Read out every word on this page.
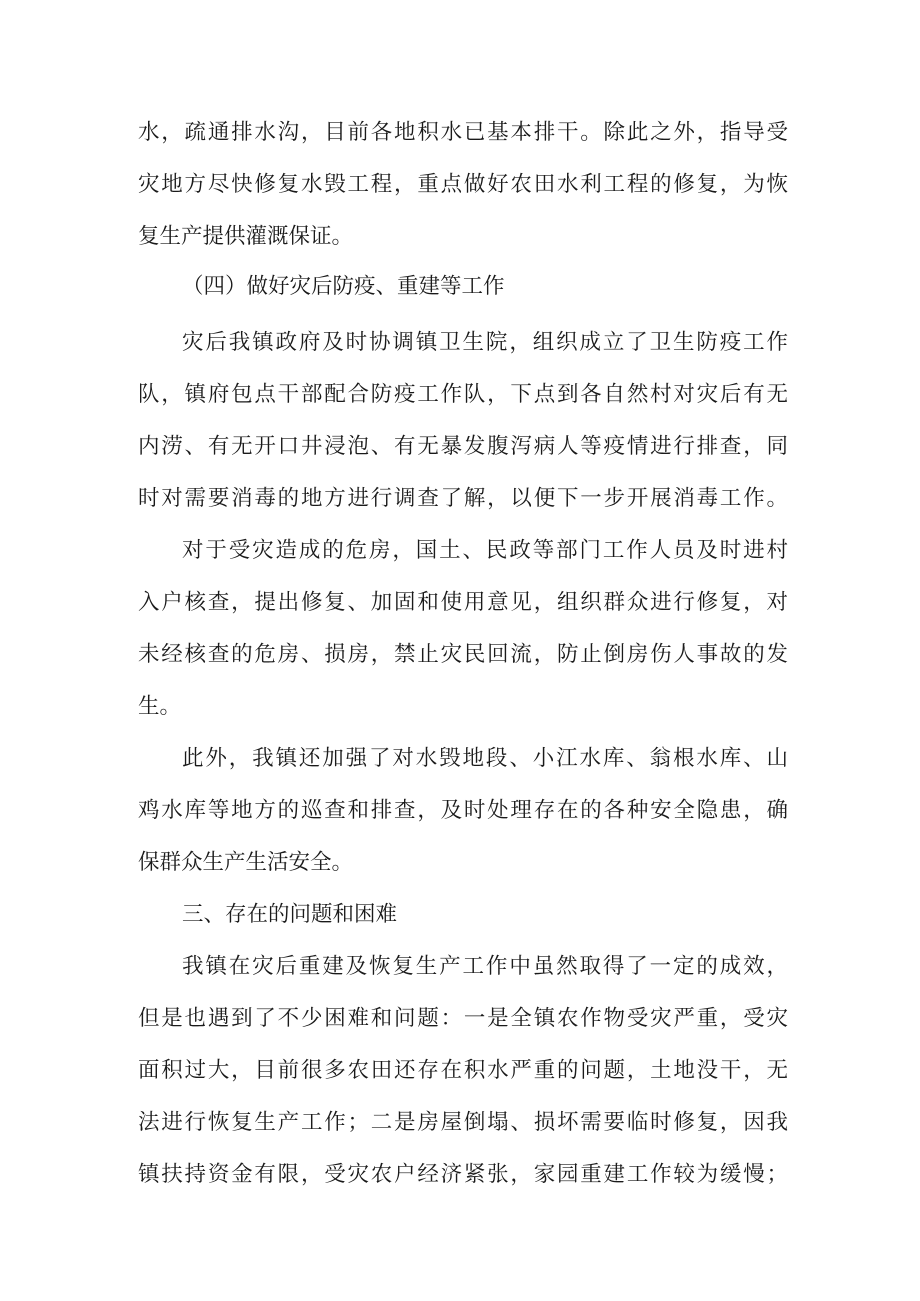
水，疏通排水沟，目前各地积水已基本排干。除此之外，指导受
灾地方尽快修复水毁工程，重点做好农田水利工程的修复，为恢
复生产提供灌溉保证。
（四）做好灾后防疫、重建等工作
灾后我镇政府及时协调镇卫生院，组织成立了卫生防疫工作
队，镇府包点干部配合防疫工作队，下点到各自然村对灾后有无
内涝、有无开口井浸泡、有无暴发腹泻病人等疫情进行排查，同
时对需要消毒的地方进行调查了解，以便下一步开展消毒工作。
对于受灾造成的危房，国土、民政等部门工作人员及时进村
入户核查，提出修复、加固和使用意见，组织群众进行修复，对
未经核查的危房、损房，禁止灾民回流，防止倒房伤人事故的发
生。
此外，我镇还加强了对水毁地段、小江水库、翁根水库、山
鸡水库等地方的巡查和排查，及时处理存在的各种安全隐患，确
保群众生产生活安全。
三、存在的问题和困难
我镇在灾后重建及恢复生产工作中虽然取得了一定的成效，
但是也遇到了不少困难和问题：一是全镇农作物受灾严重，受灾
面积过大，目前很多农田还存在积水严重的问题，土地没干，无
法进行恢复生产工作；二是房屋倒塌、损坏需要临时修复，因我
镇扶持资金有限，受灾农户经济紧张，家园重建工作较为缓慢；
